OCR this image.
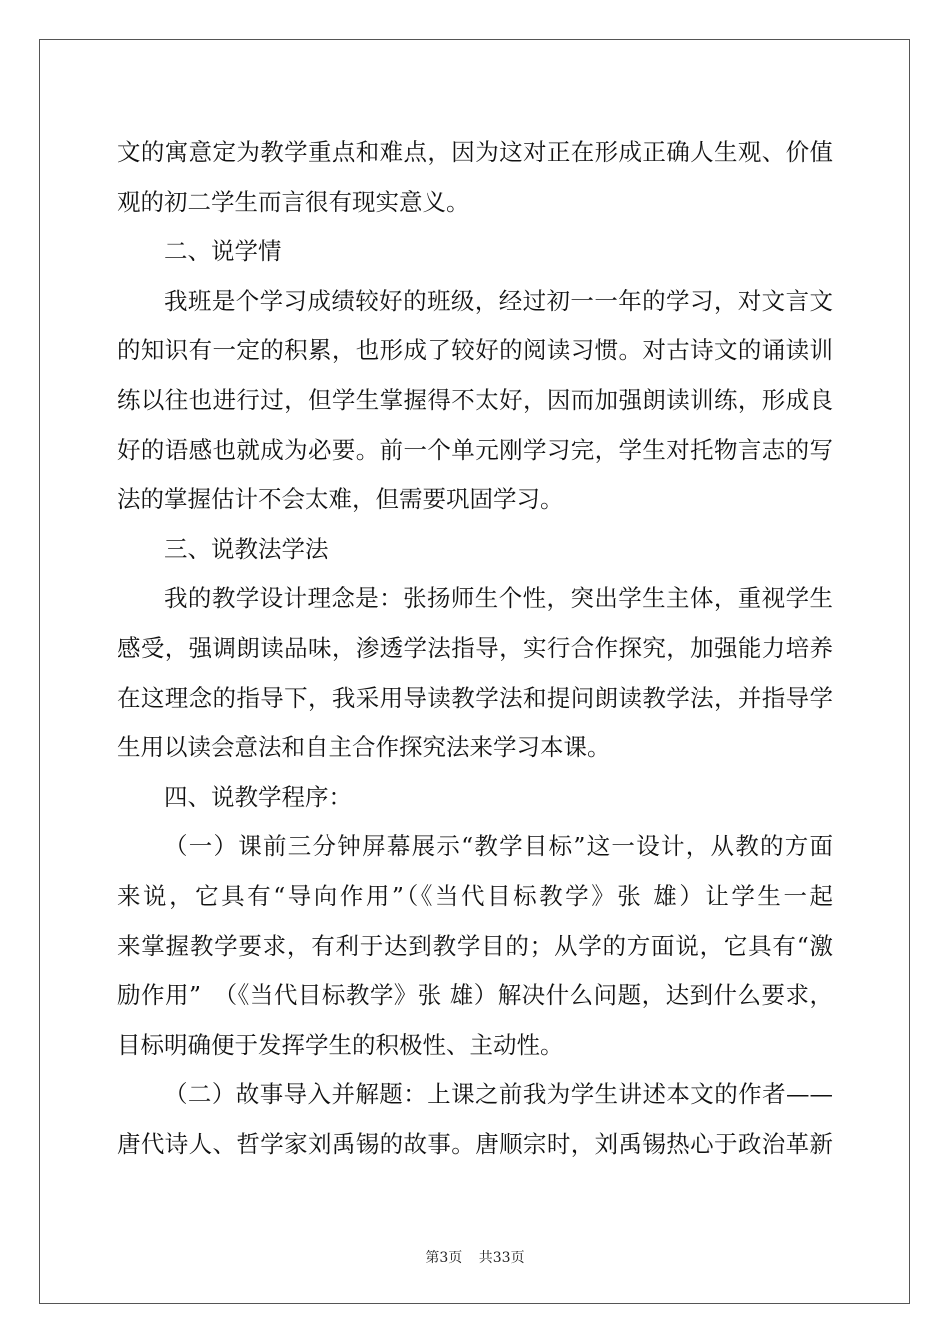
文的寓意定为教学重点和难点，因为这对正在形成正确人生观、价值
观的初二学生而言很有现实意义。
二、说学情
我班是个学习成绩较好的班级，经过初一一年的学习，对文言文
的知识有一定的积累，也形成了较好的阅读习惯。对古诗文的诵读训
练以往也进行过，但学生掌握得不太好，因而加强朗读训练，形成良
好的语感也就成为必要。前一个单元刚学习完，学生对托物言志的写
法的掌握估计不会太难，但需要巩固学习。
三、说教法学法
我的教学设计理念是：张扬师生个性，突出学生主体，重视学生
感受，强调朗读品味，渗透学法指导，实行合作探究，加强能力培养
在这理念的指导下，我采用导读教学法和提问朗读教学法，并指导学
生用以读会意法和自主合作探究法来学习本课。
四、说教学程序：
（一）课前三分钟屏幕展示“教学目标”这一设计，从教的方面
来说，它具有“导向作用”（《当代目标教学》张 雄）让学生一起
来掌握教学要求，有利于达到教学目的；从学的方面说，它具有“激
励作用”　（《当代目标教学》张 雄）解决什么问题，达到什么要求，
目标明确便于发挥学生的积极性、主动性。
（二）故事导入并解题：上课之前我为学生讲述本文的作者——
唐代诗人、哲学家刘禹锡的故事。唐顺宗时，刘禹锡热心于政治革新
第3页 共33页
